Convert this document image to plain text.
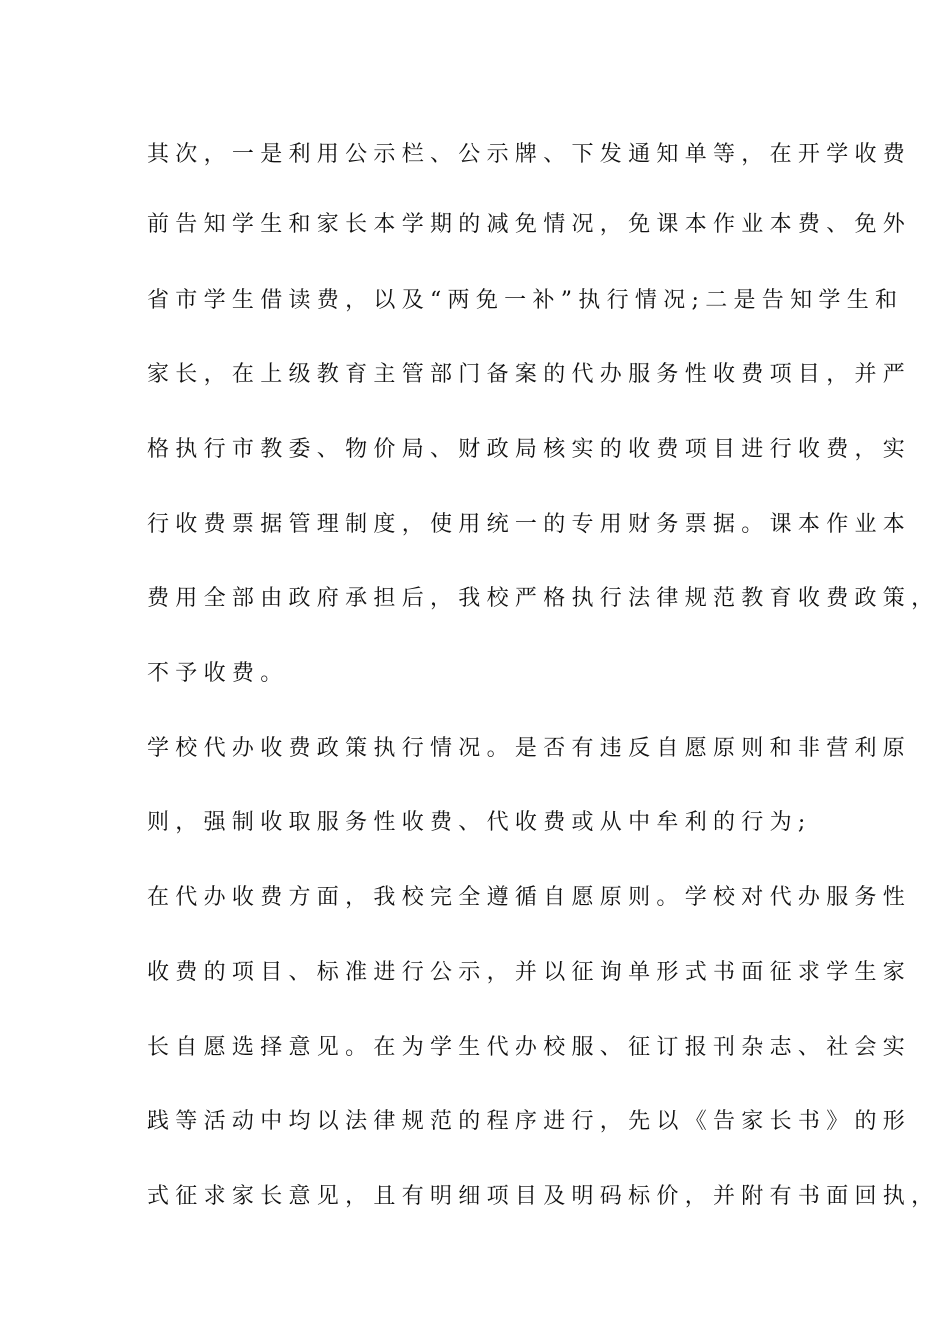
其次，一是利用公示栏、公示牌、下发通知单等，在开学收费
前告知学生和家长本学期的减免情况，免课本作业本费、免外
省市学生借读费，以及“两免一补”执行情况;二是告知学生和
家长，在上级教育主管部门备案的代办服务性收费项目，并严
格执行市教委、物价局、财政局核实的收费项目进行收费，实
行收费票据管理制度，使用统一的专用财务票据。课本作业本
费用全部由政府承担后，我校严格执行法律规范教育收费政策，
不予收费。
学校代办收费政策执行情况。是否有违反自愿原则和非营利原
则，强制收取服务性收费、代收费或从中牟利的行为;
在代办收费方面，我校完全遵循自愿原则。学校对代办服务性
收费的项目、标准进行公示，并以征询单形式书面征求学生家
长自愿选择意见。在为学生代办校服、征订报刊杂志、社会实
践等活动中均以法律规范的程序进行，先以《告家长书》的形
式征求家长意见，且有明细项目及明码标价，并附有书面回执，
